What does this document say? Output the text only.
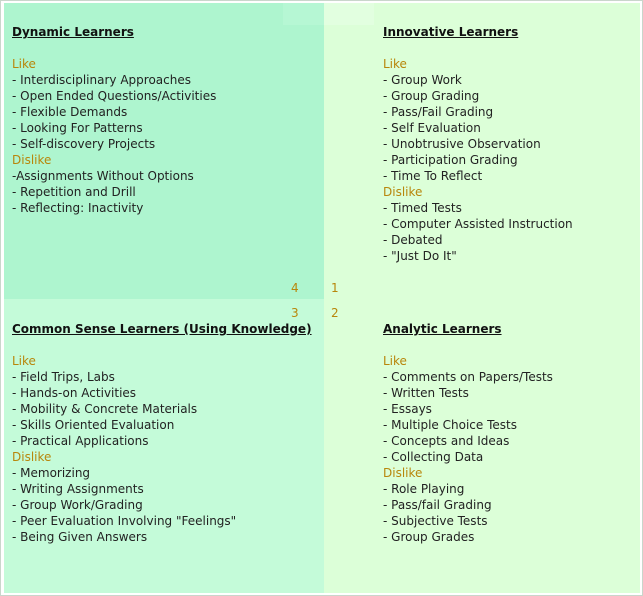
Dynamic Learners
Like
- Interdisciplinary Approaches
- Open Ended Questions/Activities
- Flexible Demands
- Looking For Patterns
- Self-discovery Projects
Dislike
-Assignments Without Options
- Repetition and Drill
- Reflecting: Inactivity
Innovative Learners
Like
- Group Work
- Group Grading
- Pass/Fail Grading
- Self Evaluation
- Unobtrusive Observation
- Participation Grading
- Time To Reflect
Dislike
- Timed Tests
- Computer Assisted Instruction
- Debated
- "Just Do It"
Common Sense Learners (Using Knowledge)
Like
- Field Trips, Labs
- Hands-on Activities
- Mobility & Concrete Materials
- Skills Oriented Evaluation
- Practical Applications
Dislike
- Memorizing
- Writing Assignments
- Group Work/Grading
- Peer Evaluation Involving "Feelings"
- Being Given Answers
Analytic Learners
Like
- Comments on Papers/Tests
- Written Tests
- Essays
- Multiple Choice Tests
- Concepts and Ideas
- Collecting Data
Dislike
- Role Playing
- Pass/fail Grading
- Subjective Tests
- Group Grades
4	1
3	2
